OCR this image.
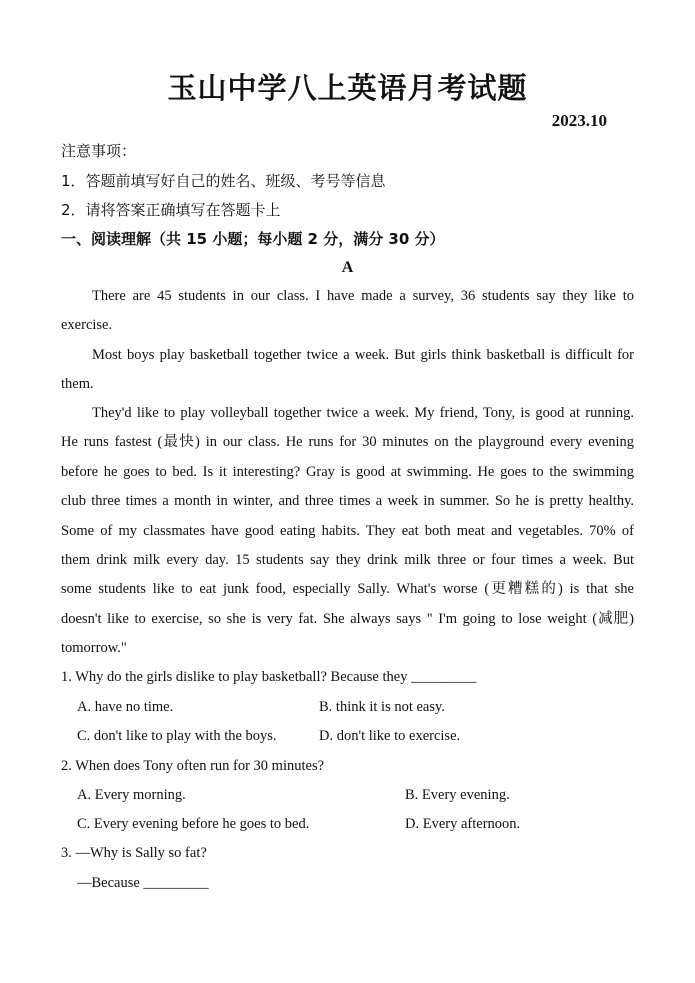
玉山中学八上英语月考试题
2023.10
注意事项：
1．答题前填写好自己的姓名、班级、考号等信息
2．请将答案正确填写在答题卡上
一、阅读理解（共 15 小题；每小题 2 分，满分 30 分）
A

There are 45 students in our class. I have made a survey, 36 students say they like to exercise.

Most boys play basketball together twice a week. But girls think basketball is difficult for them.

They'd like to play volleyball together twice a week. My friend, Tony, is good at running. He runs fastest (最快) in our class. He runs for 30 minutes on the playground every evening before he goes to bed. Is it interesting? Gray is good at swimming. He goes to the swimming club three times a month in winter, and three times a week in summer. So he is pretty healthy. Some of my classmates have good eating habits. They eat both meat and vegetables. 70% of them drink milk every day. 15 students say they drink milk three or four times a week. But some students like to eat junk food, especially Sally. What's worse (更糟糕的) is that she doesn't like to exercise, so she is very fat. She always says " I'm going to lose weight (减肥) tomorrow."

1. Why do the girls dislike to play basketball? Because they _________
A. have no time.	B. think it is not easy.
C. don't like to play with the boys.	D. don't like to exercise.
2. When does Tony often run for 30 minutes?
A. Every morning.	B. Every evening.
C. Every evening before he goes to bed.	D. Every afternoon.
3. —Why is Sally so fat?
—Because _________
